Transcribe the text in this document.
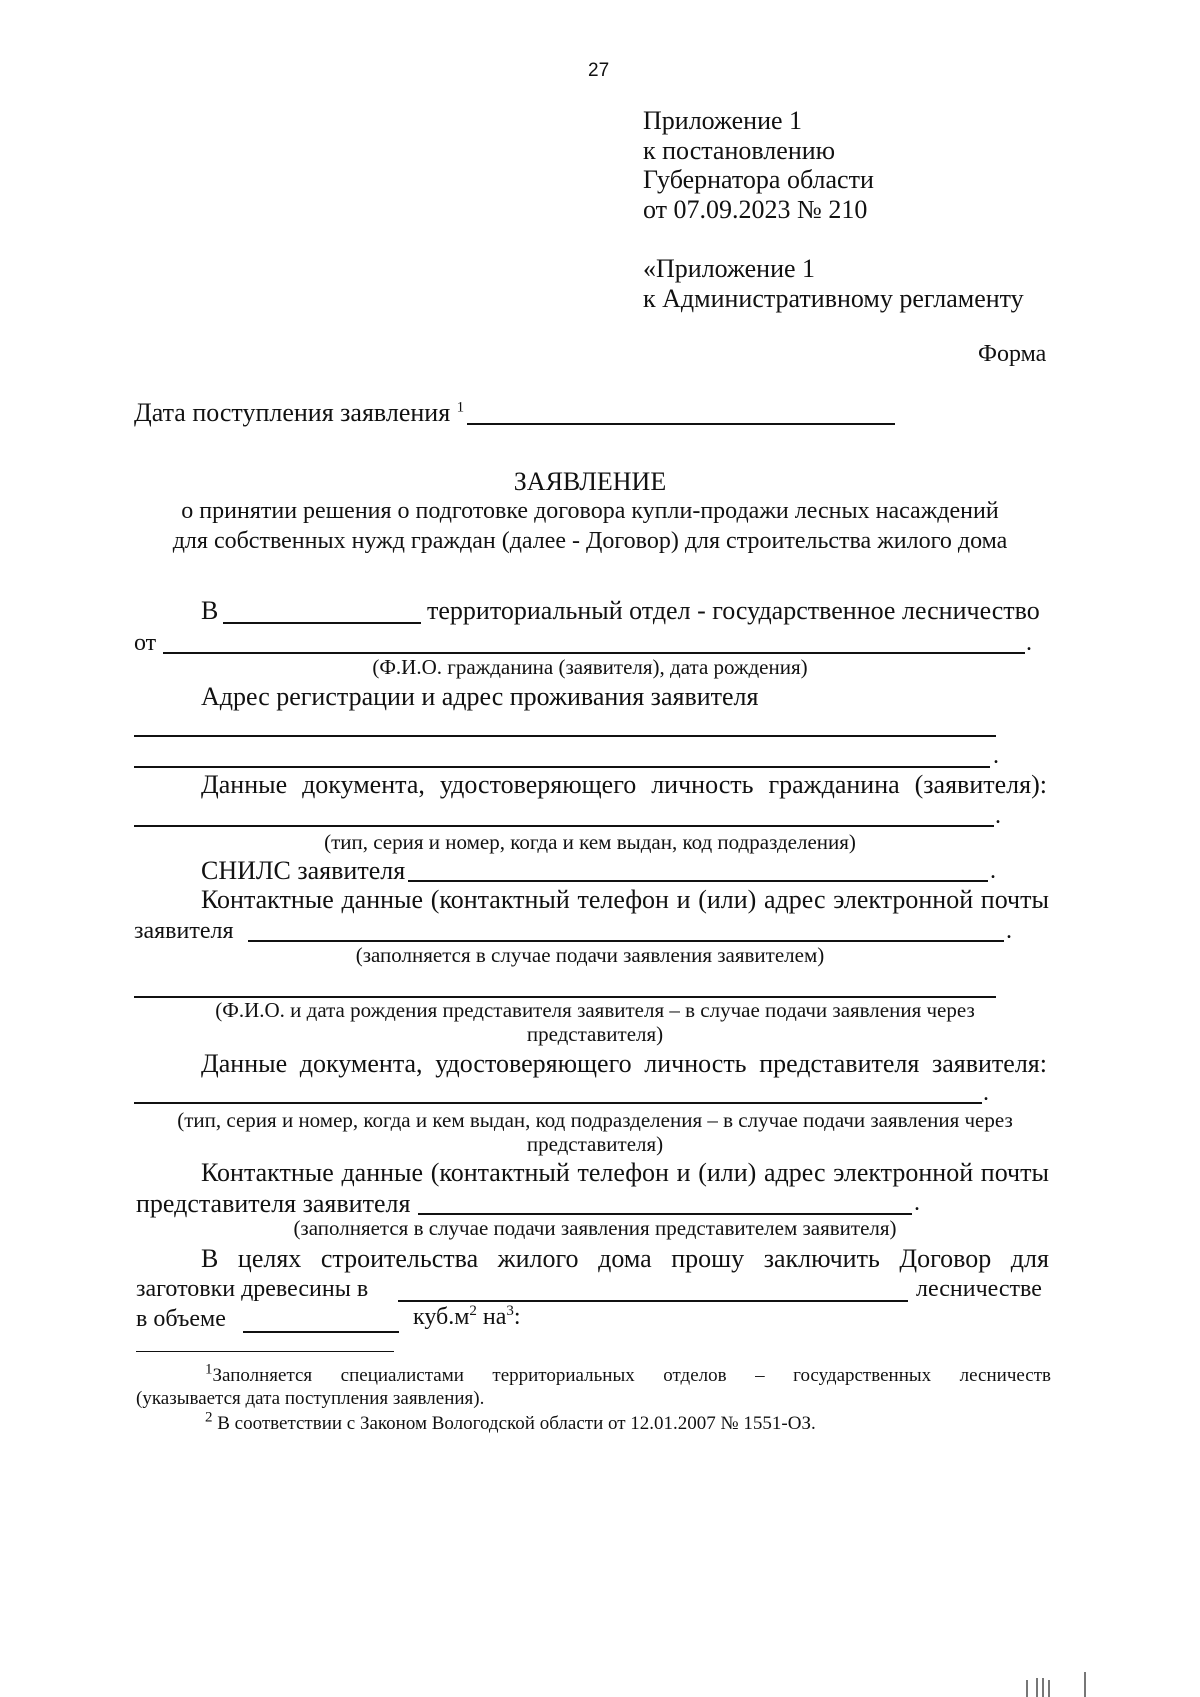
27
Приложение 1
к постановлению
Губернатора области
от 07.09.2023 № 210
«Приложение 1
к Административному регламенту
Форма
Дата поступления заявления $^1$
ЗАЯВЛЕНИЕ
о принятии решения о подготовке договора купли-продажи лесных насаждений
для собственных нужд граждан (далее - Договор) для строительства жилого дома
В	территориальный отдел - государственное лесничество
от	.
(Ф.И.О. гражданина (заявителя), дата рождения)
Адрес регистрации и адрес проживания заявителя
.
Данные документа, удостоверяющего личность гражданина (заявителя):
.
(тип, серия и номер, когда и кем выдан, код подразделения)
СНИЛС заявителя	.
Контактные данные (контактный телефон и (или) адрес электронной почты
заявителя	.
(заполняется в случае подачи заявления заявителем)
(Ф.И.О. и дата рождения представителя заявителя – в случае подачи заявления через
представителя)
Данные документа, удостоверяющего личность представителя заявителя:
.
(тип, серия и номер, когда и кем выдан, код подразделения – в случае подачи заявления через
представителя)
Контактные данные (контактный телефон и (или) адрес электронной почты
представителя заявителя	.
(заполняется в случае подачи заявления представителем заявителя)
В целях строительства жилого дома прошу заключить Договор для
заготовки древесины в	лесничестве
в объеме	$куб.м^2$ $на^3$:
$^1$Заполняется специалистами территориальных отделов – государственных лесничеств
(указывается дата поступления заявления).
$^2$ В соответствии с Законом Вологодской области от 12.01.2007 № 1551-ОЗ.
